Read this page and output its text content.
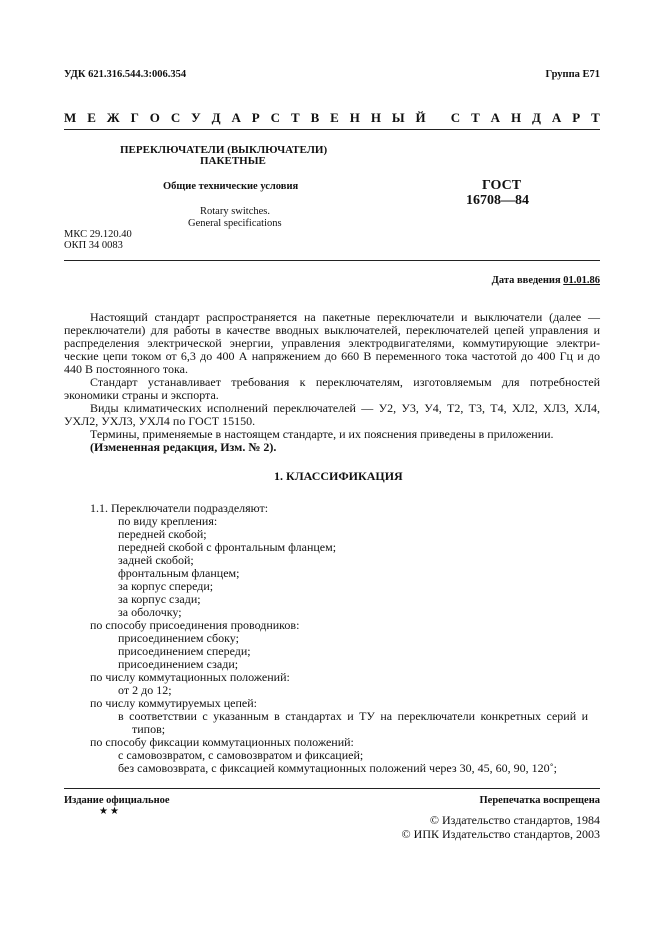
УДК 621.316.544.3:006.354	Группа Е71
М Е Ж Г О С У Д А Р С Т В Е Н Н Ы Й
С Т А Н Д А Р Т
ПЕРЕКЛЮЧАТЕЛИ (ВЫКЛЮЧАТЕЛИ)
ПАКЕТНЫЕ
Общие технические условия
Rotary switches.
General specifications
ГОСТ
16708—84
МКС 29.120.40
ОКП 34 0083
Дата введения 01.01.86

Настоящий стандарт распространяется на пакетные переключатели и выключатели (далее —

переключатели) для работы в качестве вводных выключателей, переключателей цепей управления и

распределения электрической энергии, управления электродвигателями, коммутирующие электри-

ческие цепи током от 6,3 до 400 А напряжением до 660 В переменного тока частотой до 400 Гц и до

440 В постоянного тока.

Стандарт устанавливает требования к переключателям, изготовляемым для потребностей

экономики страны и экспорта.

Виды климатических исполнений переключателей — У2, У3, У4, Т2, Т3, Т4, ХЛ2, ХЛ3, ХЛ4,

УХЛ2, УХЛ3, УХЛ4 по ГОСТ 15150.

Термины, применяемые в настоящем стандарте, и их пояснения приведены в приложении.

(Измененная редакция, Изм. № 2).

1. КЛАССИФИКАЦИЯ

1.1. Переключатели подразделяют:

по виду крепления:

передней скобой;

передней скобой с фронтальным фланцем;

задней скобой;

фронтальным фланцем;

за корпус спереди;

за корпус сзади;

за оболочку;

по способу присоединения проводников:

присоединением сбоку;

присоединением спереди;

присоединением сзади;

по числу коммутационных положений:

от 2 до 12;

по числу коммутируемых цепей:

в соответствии с указанным в стандартах и ТУ на переключатели конкретных серий и

типов;

по способу фиксации коммутационных положений:

с самовозвратом, с самовозвратом и фиксацией;

без самовозврата, с фиксацией коммутационных положений через 30, 45, 60, 90, 120˚;

Издание официальное
★★
Перепечатка воспрещена
© Издательство стандартов, 1984
© ИПК Издательство стандартов, 2003
